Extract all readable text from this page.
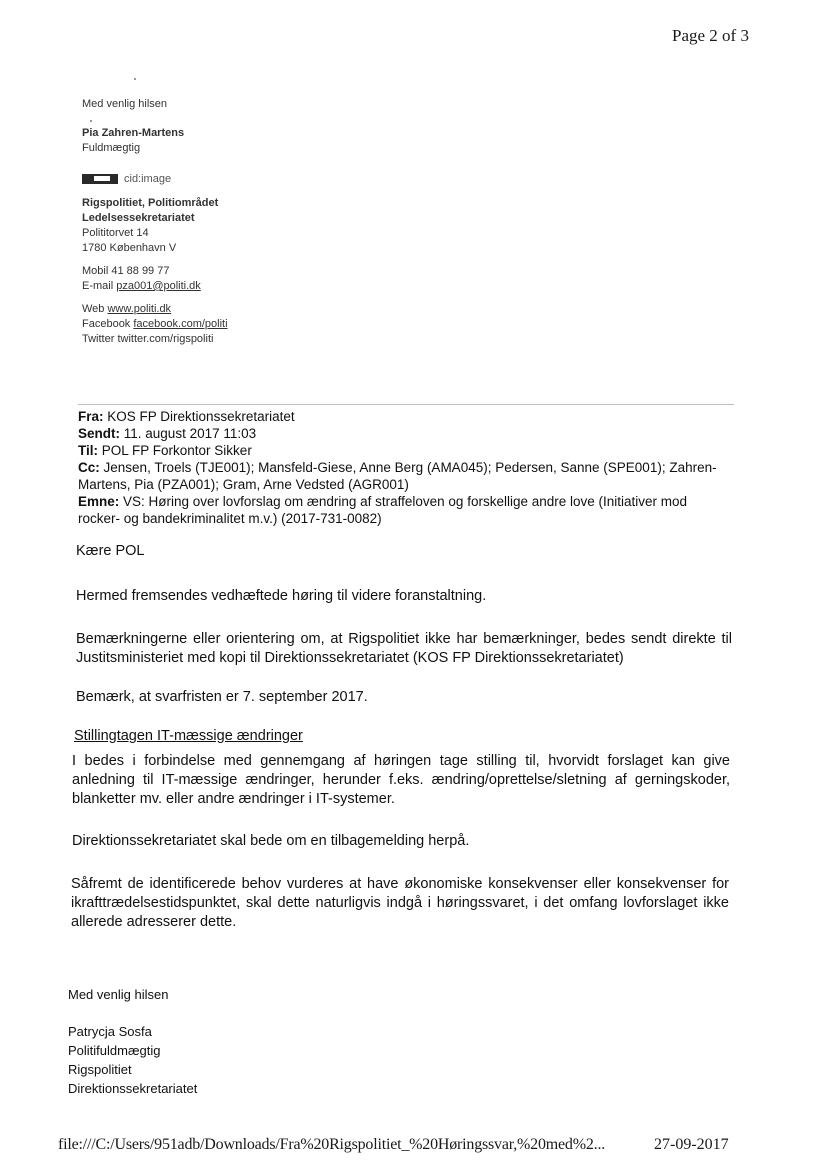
Page 2 of 3
Med venlig hilsen
Pia Zahren-Martens
Fuldmægtig
cid:image
Rigspolitiet, Politiområdet
Ledelsessekretariatet
Polititorvet 14
1780 København V
Mobil 41 88 99 77
E-mail pza001@politi.dk
Web www.politi.dk
Facebook facebook.com/politi
Twitter twitter.com/rigspoliti
Fra: KOS FP Direktionssekretariatet
Sendt: 11. august 2017 11:03
Til: POL FP Forkontor Sikker
Cc: Jensen, Troels (TJE001); Mansfeld-Giese, Anne Berg (AMA045); Pedersen, Sanne (SPE001); Zahren-
Martens, Pia (PZA001); Gram, Arne Vedsted (AGR001)
Emne: VS: Høring over lovforslag om ændring af straffeloven og forskellige andre love (Initiativer mod
rocker- og bandekriminalitet m.v.) (2017-731-0082)
Kære POL
Hermed fremsendes vedhæftede høring til videre foranstaltning.
Bemærkningerne eller orientering om, at Rigspolitiet ikke har bemærkninger, bedes sendt direkte til Justitsministeriet med kopi til Direktionssekretariatet (KOS FP Direktionssekretariatet)
Bemærk, at svarfristen er 7. september 2017.
Stillingtagen IT-mæssige ændringer
I bedes i forbindelse med gennemgang af høringen tage stilling til, hvorvidt forslaget kan give anledning til IT-mæssige ændringer, herunder f.eks. ændring/oprettelse/sletning af gerningskoder, blanketter mv. eller andre ændringer i IT-systemer.
Direktionssekretariatet skal bede om en tilbagemelding herpå.
Såfremt de identificerede behov vurderes at have økonomiske konsekvenser eller konsekvenser for ikrafttrædelsestidspunktet, skal dette naturligvis indgå i høringssvaret, i det omfang lovforslaget ikke allerede adresserer dette.
Med venlig hilsen
Patrycja Sosfa
Politifuldmægtig
Rigspolitiet
Direktionssekretariatet
file:///C:/Users/951adb/Downloads/Fra%20Rigspolitiet_%20Høringssvar,%20med%2...	27-09-2017
